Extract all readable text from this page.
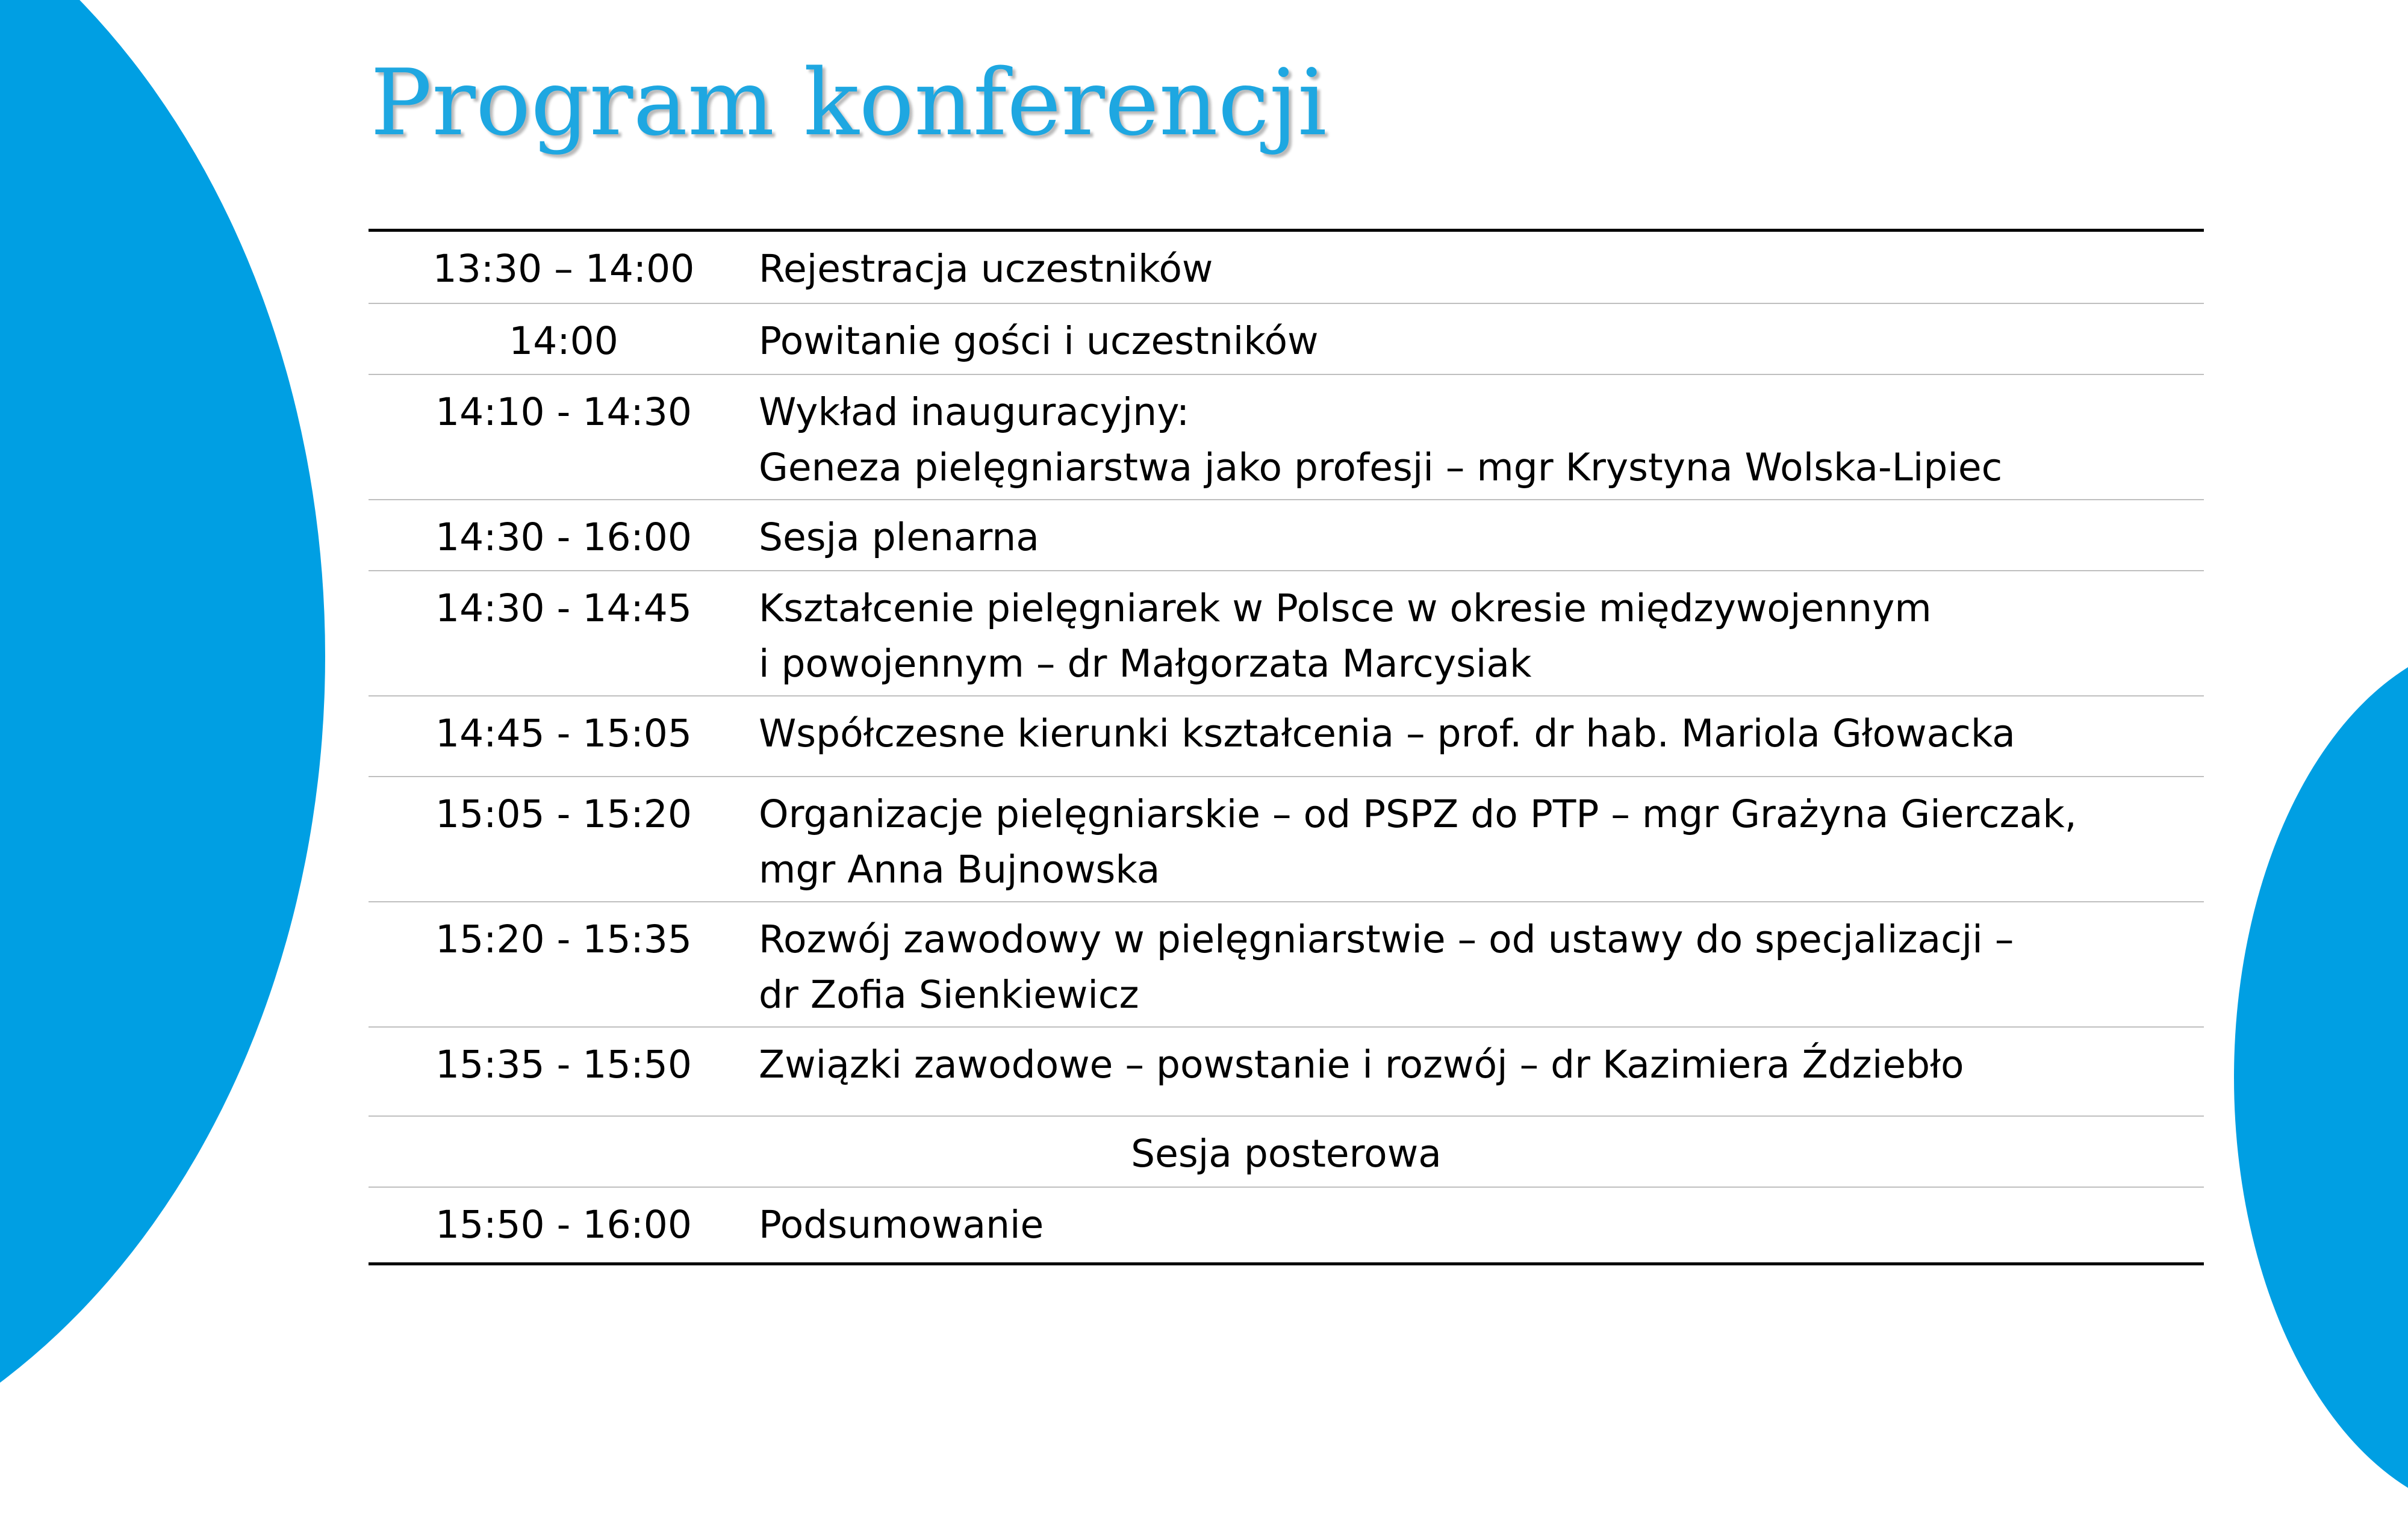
Program konferencji
13:30 – 14:00	Rejestracja uczestników
14:00	Powitanie gości i uczestników
14:10 - 14:30	Wykład inauguracyjny:
Geneza pielęgniarstwa jako profesji – mgr Krystyna Wolska-Lipiec
14:30 - 16:00	Sesja plenarna
14:30 - 14:45	Kształcenie pielęgniarek w Polsce w okresie międzywojennym
i powojennym – dr Małgorzata Marcysiak
14:45 - 15:05	Współczesne kierunki kształcenia – prof. dr hab. Mariola Głowacka
15:05 - 15:20	Organizacje pielęgniarskie – od PSPZ do PTP – mgr Grażyna Gierczak,
mgr Anna Bujnowska
15:20 - 15:35	Rozwój zawodowy w pielęgniarstwie – od ustawy do specjalizacji –
dr Zofia Sienkiewicz
15:35 - 15:50	Związki zawodowe – powstanie i rozwój – dr Kazimiera Ździebło
Sesja posterowa
15:50 - 16:00	Podsumowanie
